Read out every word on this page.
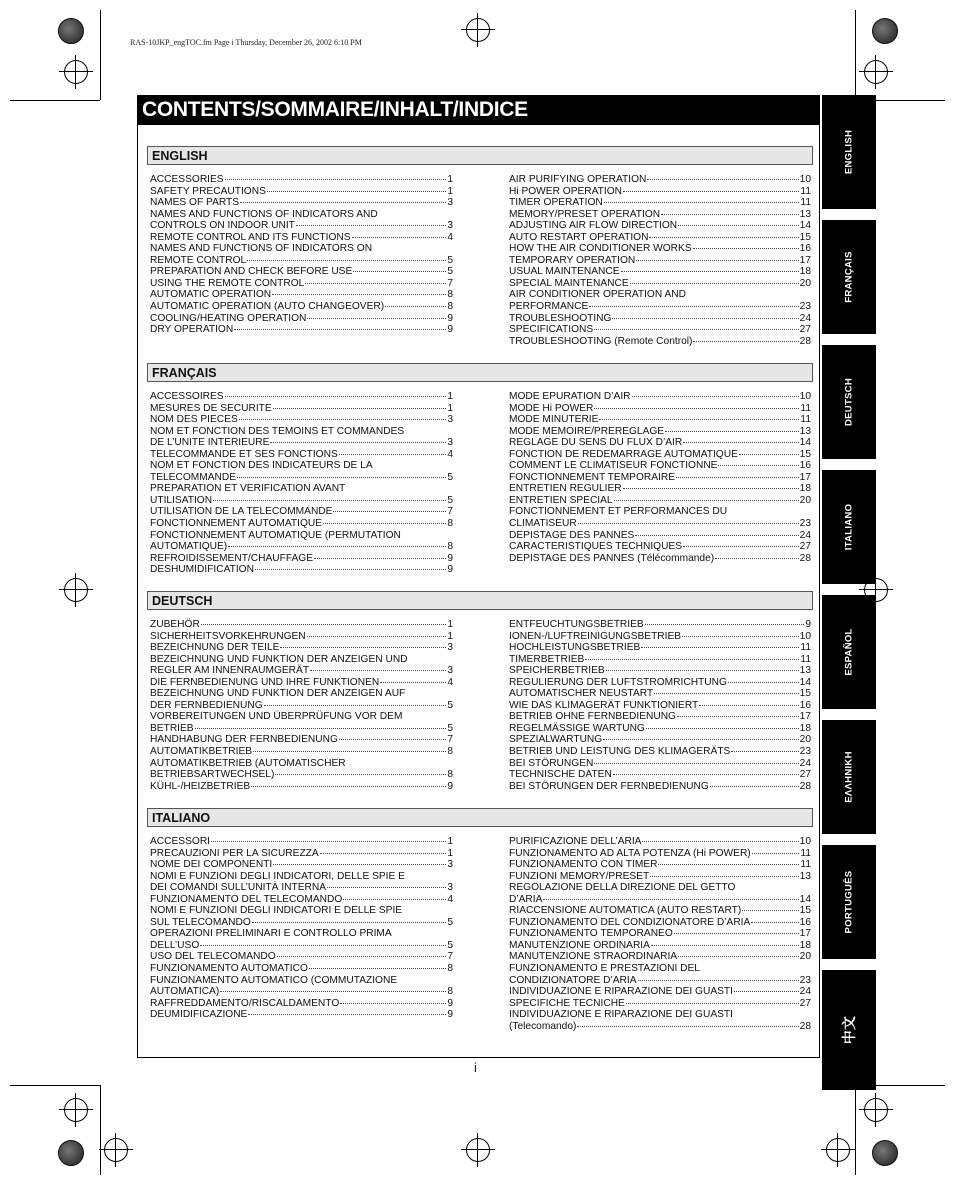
RAS-10JKP_engTOC.fm Page i Thursday, December 26, 2002 6:10 PM
CONTENTS/SOMMAIRE/INHALT/INDICE
ENGLISH
ACCESSORIES	1
SAFETY PRECAUTIONS	1
NAMES OF PARTS	3
NAMES AND FUNCTIONS OF INDICATORS AND
CONTROLS ON INDOOR UNIT	3
REMOTE CONTROL AND ITS FUNCTIONS	4
NAMES AND FUNCTIONS OF INDICATORS ON
REMOTE CONTROL	5
PREPARATION AND CHECK BEFORE USE	5
USING THE REMOTE CONTROL	7
AUTOMATIC OPERATION	8
AUTOMATIC OPERATION (AUTO CHANGEOVER)	8
COOLING/HEATING OPERATION	9
DRY OPERATION	9
AIR PURIFYING OPERATION	10
Hi POWER OPERATION	11
TIMER OPERATION	11
MEMORY/PRESET OPERATION	13
ADJUSTING AIR FLOW DIRECTION	14
AUTO RESTART OPERATION	15
HOW THE AIR CONDITIONER WORKS	16
TEMPORARY OPERATION	17
USUAL MAINTENANCE	18
SPECIAL MAINTENANCE	20
AIR CONDITIONER OPERATION AND
PERFORMANCE	23
TROUBLESHOOTING	24
SPECIFICATIONS	27
TROUBLESHOOTING (Remote Control)	28
FRANÇAIS
ACCESSOIRES	1
MESURES DE SECURITE	1
NOM DES PIECES	3
NOM ET FONCTION DES TEMOINS ET COMMANDES
DE L’UNITE INTERIEURE	3
TELECOMMANDE ET SES FONCTIONS	4
NOM ET FONCTION DES INDICATEURS DE LA
TELECOMMANDE	5
PREPARATION ET VERIFICATION AVANT
UTILISATION	5
UTILISATION DE LA TELECOMMANDE	7
FONCTIONNEMENT AUTOMATIQUE	8
FONCTIONNEMENT AUTOMATIQUE (PERMUTATION
AUTOMATIQUE)	8
REFROIDISSEMENT/CHAUFFAGE	9
DESHUMIDIFICATION	9
MODE EPURATION D’AIR	10
MODE Hi POWER	11
MODE MINUTERIE	11
MODE MEMOIRE/PREREGLAGE	13
REGLAGE DU SENS DU FLUX D’AIR	14
FONCTION DE REDEMARRAGE AUTOMATIQUE	15
COMMENT LE CLIMATISEUR FONCTIONNE	16
FONCTIONNEMENT TEMPORAIRE	17
ENTRETIEN REGULIER	18
ENTRETIEN SPECIAL	20
FONCTIONNEMENT ET PERFORMANCES DU
CLIMATISEUR	23
DEPISTAGE DES PANNES	24
CARACTERISTIQUES TECHNIQUES	27
DEPISTAGE DES PANNES (Télécommande)	28
DEUTSCH
ZUBEHÖR	1
SICHERHEITSVORKEHRUNGEN	1
BEZEICHNUNG DER TEILE	3
BEZEICHNUNG UND FUNKTION DER ANZEIGEN UND
REGLER AM INNENRAUMGERÄT	3
DIE FERNBEDIENUNG UND IHRE FUNKTIONEN	4
BEZEICHNUNG UND FUNKTION DER ANZEIGEN AUF
DER FERNBEDIENUNG	5
VORBEREITUNGEN UND ÜBERPRÜFUNG VOR DEM
BETRIEB	5
HANDHABUNG DER FERNBEDIENUNG	7
AUTOMATIKBETRIEB	8
AUTOMATIKBETRIEB (AUTOMATISCHER
BETRIEBSARTWECHSEL)	8
KÜHL-/HEIZBETRIEB	9
ENTFEUCHTUNGSBETRIEB	9
IONEN-/LUFTREINIGUNGSBETRIEB	10
HOCHLEISTUNGSBETRIEB	11
TIMERBETRIEB	11
SPEICHERBETRIEB	13
REGULIERUNG DER LUFTSTROMRICHTUNG	14
AUTOMATISCHER NEUSTART	15
WIE DAS KLIMAGERÄT FUNKTIONIERT	16
BETRIEB OHNE FERNBEDIENUNG	17
REGELMÄSSIGE WARTUNG	18
SPEZIALWARTUNG	20
BETRIEB UND LEISTUNG DES KLIMAGERÄTS	23
BEI STÖRUNGEN	24
TECHNISCHE DATEN	27
BEI STÖRUNGEN DER FERNBEDIENUNG	28
ITALIANO
ACCESSORI	1
PRECAUZIONI PER LA SICUREZZA	1
NOME DEI COMPONENTI	3
NOMI E FUNZIONI DEGLI INDICATORI, DELLE SPIE E
DEI COMANDI SULL’UNITÀ INTERNA	3
FUNZIONAMENTO DEL TELECOMANDO	4
NOMI E FUNZIONI DEGLI INDICATORI E DELLE SPIE
SUL TELECOMANDO	5
OPERAZIONI PRELIMINARI E CONTROLLO PRIMA
DELL’USO	5
USO DEL TELECOMANDO	7
FUNZIONAMENTO AUTOMATICO	8
FUNZIONAMENTO AUTOMATICO (COMMUTAZIONE
AUTOMATICA)	8
RAFFREDDAMENTO/RISCALDAMENTO	9
DEUMIDIFICAZIONE	9
PURIFICAZIONE DELL’ARIA	10
FUNZIONAMENTO AD ALTA POTENZA (Hi POWER)	11
FUNZIONAMENTO CON TIMER	11
FUNZIONI MEMORY/PRESET	13
REGOLAZIONE DELLA DIREZIONE DEL GETTO
D’ARIA	14
RIACCENSIONE AUTOMATICA (AUTO RESTART)	15
FUNZIONAMENTO DEL CONDIZIONATORE D’ARIA	16
FUNZIONAMENTO TEMPORANEO	17
MANUTENZIONE ORDINARIA	18
MANUTENZIONE STRAORDINARIA	20
FUNZIONAMENTO E PRESTAZIONI DEL
CONDIZIONATORE D’ARIA	23
INDIVIDUAZIONE E RIPARAZIONE DEI GUASTI	24
SPECIFICHE TECNICHE	27
INDIVIDUAZIONE E RIPARAZIONE DEI GUASTI
(Telecomando)	28
i
ENGLISH
FRANÇAIS
DEUTSCH
ITALIANO
ESPAÑOL
ΕΛΛΗΝΙΚΗ
PORTUGUÊS
中文
